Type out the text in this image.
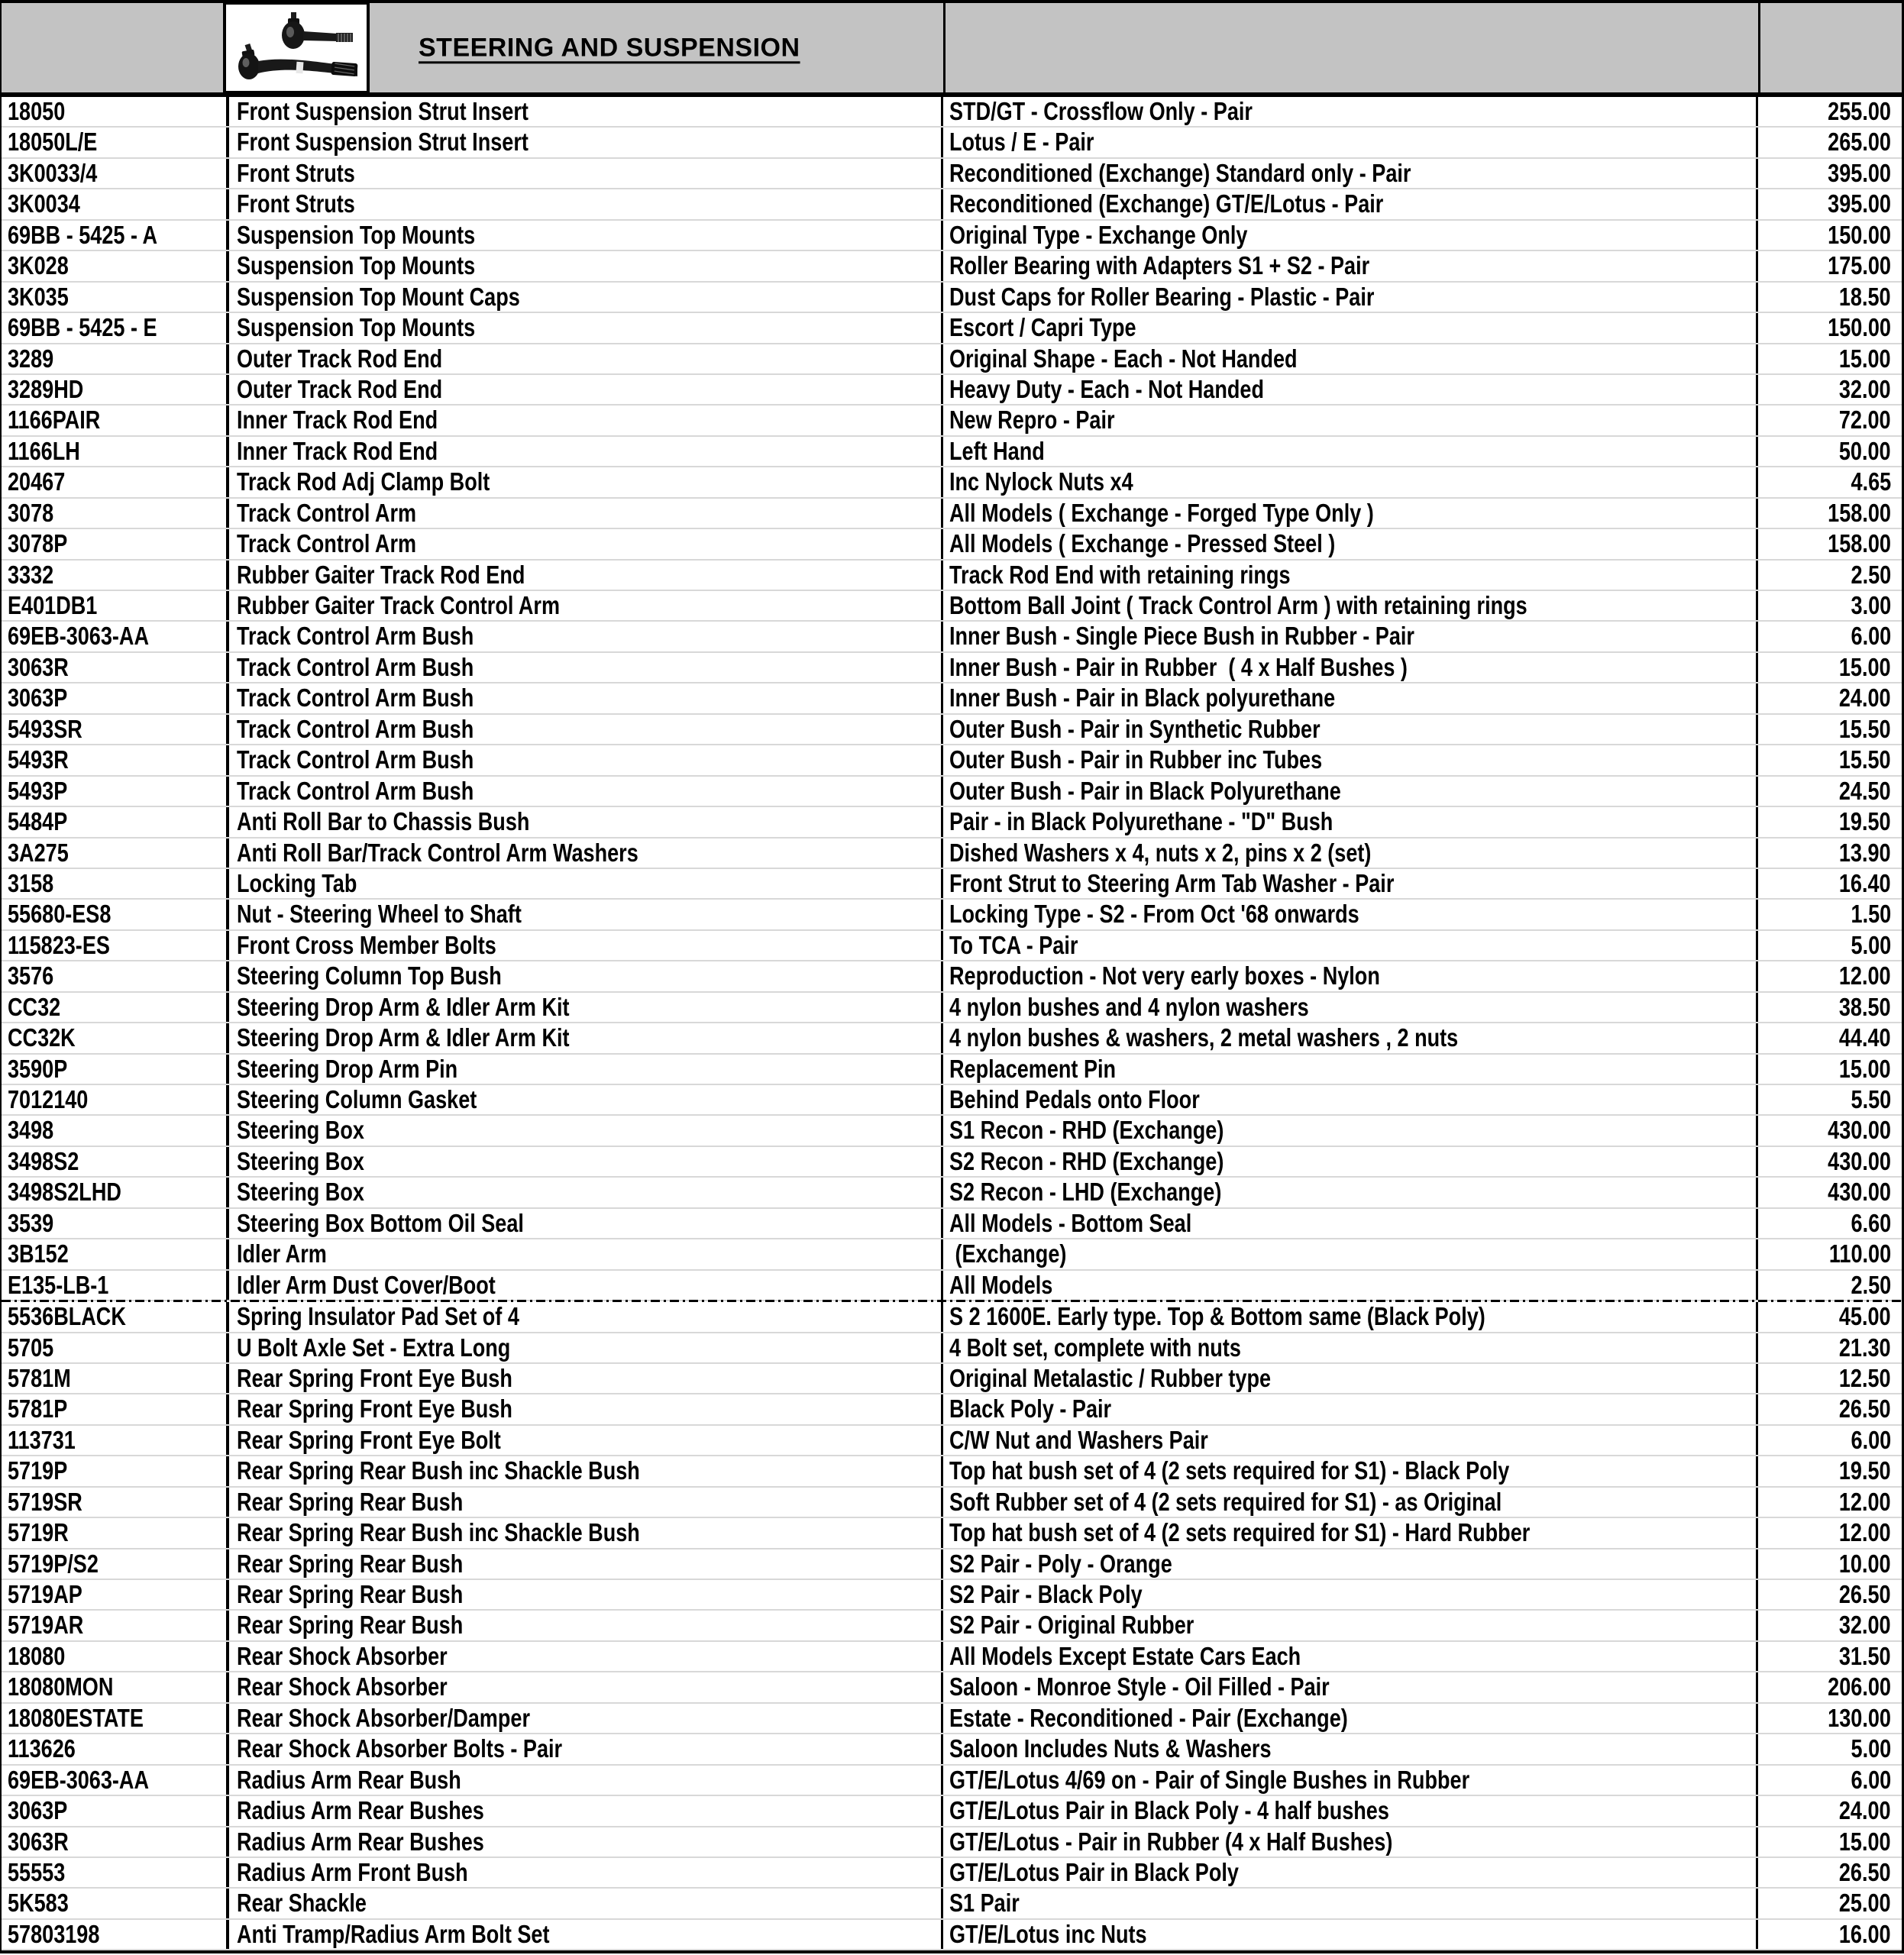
STEERING AND SUSPENSION
18050	Front Suspension Strut Insert	STD/GT - Crossflow Only - Pair	255.00
18050L/E	Front Suspension Strut Insert	Lotus / E - Pair	265.00
3K0033/4	Front Struts	Reconditioned (Exchange) Standard only - Pair	395.00
3K0034	Front Struts	Reconditioned (Exchange) GT/E/Lotus - Pair	395.00
69BB - 5425 - A	Suspension Top Mounts	Original Type - Exchange Only	150.00
3K028	Suspension Top Mounts	Roller Bearing with Adapters S1 + S2 - Pair	175.00
3K035	Suspension Top Mount Caps	Dust Caps for Roller Bearing - Plastic - Pair	18.50
69BB - 5425 - E	Suspension Top Mounts	Escort / Capri Type	150.00
3289	Outer Track Rod End	Original Shape - Each - Not Handed	15.00
3289HD	Outer Track Rod End	Heavy Duty - Each - Not Handed	32.00
1166PAIR	Inner Track Rod End	New Repro - Pair	72.00
1166LH	Inner Track Rod End	Left Hand	50.00
20467	Track Rod Adj Clamp Bolt	Inc Nylock Nuts x4	4.65
3078	Track Control Arm	All Models ( Exchange - Forged Type Only )	158.00
3078P	Track Control Arm	All Models ( Exchange - Pressed Steel )	158.00
3332	Rubber Gaiter Track Rod End	Track Rod End with retaining rings	2.50
E401DB1	Rubber Gaiter Track Control Arm	Bottom Ball Joint ( Track Control Arm ) with retaining rings	3.00
69EB-3063-AA	Track Control Arm Bush	Inner Bush - Single Piece Bush in Rubber - Pair	6.00
3063R	Track Control Arm Bush	Inner Bush - Pair in Rubber  ( 4 x Half Bushes )	15.00
3063P	Track Control Arm Bush	Inner Bush - Pair in Black polyurethane	24.00
5493SR	Track Control Arm Bush	Outer Bush - Pair in Synthetic Rubber	15.50
5493R	Track Control Arm Bush	Outer Bush - Pair in Rubber inc Tubes	15.50
5493P	Track Control Arm Bush	Outer Bush - Pair in Black Polyurethane	24.50
5484P	Anti Roll Bar to Chassis Bush	Pair - in Black Polyurethane - "D" Bush	19.50
3A275	Anti Roll Bar/Track Control Arm Washers	Dished Washers x 4, nuts x 2, pins x 2 (set)	13.90
3158	Locking Tab	Front Strut to Steering Arm Tab Washer - Pair	16.40
55680-ES8	Nut - Steering Wheel to Shaft	Locking Type - S2 - From Oct '68 onwards	1.50
115823-ES	Front Cross Member Bolts	To TCA - Pair	5.00
3576	Steering Column Top Bush	Reproduction - Not very early boxes - Nylon	12.00
CC32	Steering Drop Arm & Idler Arm Kit	4 nylon bushes and 4 nylon washers	38.50
CC32K	Steering Drop Arm & Idler Arm Kit	4 nylon bushes & washers, 2 metal washers , 2 nuts	44.40
3590P	Steering Drop Arm Pin	Replacement Pin	15.00
7012140	Steering Column Gasket	Behind Pedals onto Floor	5.50
3498	Steering Box	S1 Recon - RHD (Exchange)	430.00
3498S2	Steering Box	S2 Recon - RHD (Exchange)	430.00
3498S2LHD	Steering Box	S2 Recon - LHD (Exchange)	430.00
3539	Steering Box Bottom Oil Seal	All Models - Bottom Seal	6.60
3B152	Idler Arm	(Exchange)	110.00
E135-LB-1	Idler Arm Dust Cover/Boot	All Models	2.50
5536BLACK	Spring Insulator Pad Set of 4	S 2 1600E. Early type. Top & Bottom same (Black Poly)	45.00
5705	U Bolt Axle Set - Extra Long	4 Bolt set, complete with nuts	21.30
5781M	Rear Spring Front Eye Bush	Original Metalastic / Rubber type	12.50
5781P	Rear Spring Front Eye Bush	Black Poly - Pair	26.50
113731	Rear Spring Front Eye Bolt	C/W Nut and Washers Pair	6.00
5719P	Rear Spring Rear Bush inc Shackle Bush	Top hat bush set of 4 (2 sets required for S1) - Black Poly	19.50
5719SR	Rear Spring Rear Bush	Soft Rubber set of 4 (2 sets required for S1) - as Original	12.00
5719R	Rear Spring Rear Bush inc Shackle Bush	Top hat bush set of 4 (2 sets required for S1) - Hard Rubber	12.00
5719P/S2	Rear Spring Rear Bush	S2 Pair - Poly - Orange	10.00
5719AP	Rear Spring Rear Bush	S2 Pair - Black Poly	26.50
5719AR	Rear Spring Rear Bush	S2 Pair - Original Rubber	32.00
18080	Rear Shock Absorber	All Models Except Estate Cars Each	31.50
18080MON	Rear Shock Absorber	Saloon - Monroe Style - Oil Filled - Pair	206.00
18080ESTATE	Rear Shock Absorber/Damper	Estate - Reconditioned - Pair (Exchange)	130.00
113626	Rear Shock Absorber Bolts - Pair	Saloon Includes Nuts & Washers	5.00
69EB-3063-AA	Radius Arm Rear Bush	GT/E/Lotus 4/69 on - Pair of Single Bushes in Rubber	6.00
3063P	Radius Arm Rear Bushes	GT/E/Lotus Pair in Black Poly - 4 half bushes	24.00
3063R	Radius Arm Rear Bushes	GT/E/Lotus - Pair in Rubber (4 x Half Bushes)	15.00
55553	Radius Arm Front Bush	GT/E/Lotus Pair in Black Poly	26.50
5K583	Rear Shackle	S1 Pair	25.00
57803198	Anti Tramp/Radius Arm Bolt Set	GT/E/Lotus inc Nuts	16.00
